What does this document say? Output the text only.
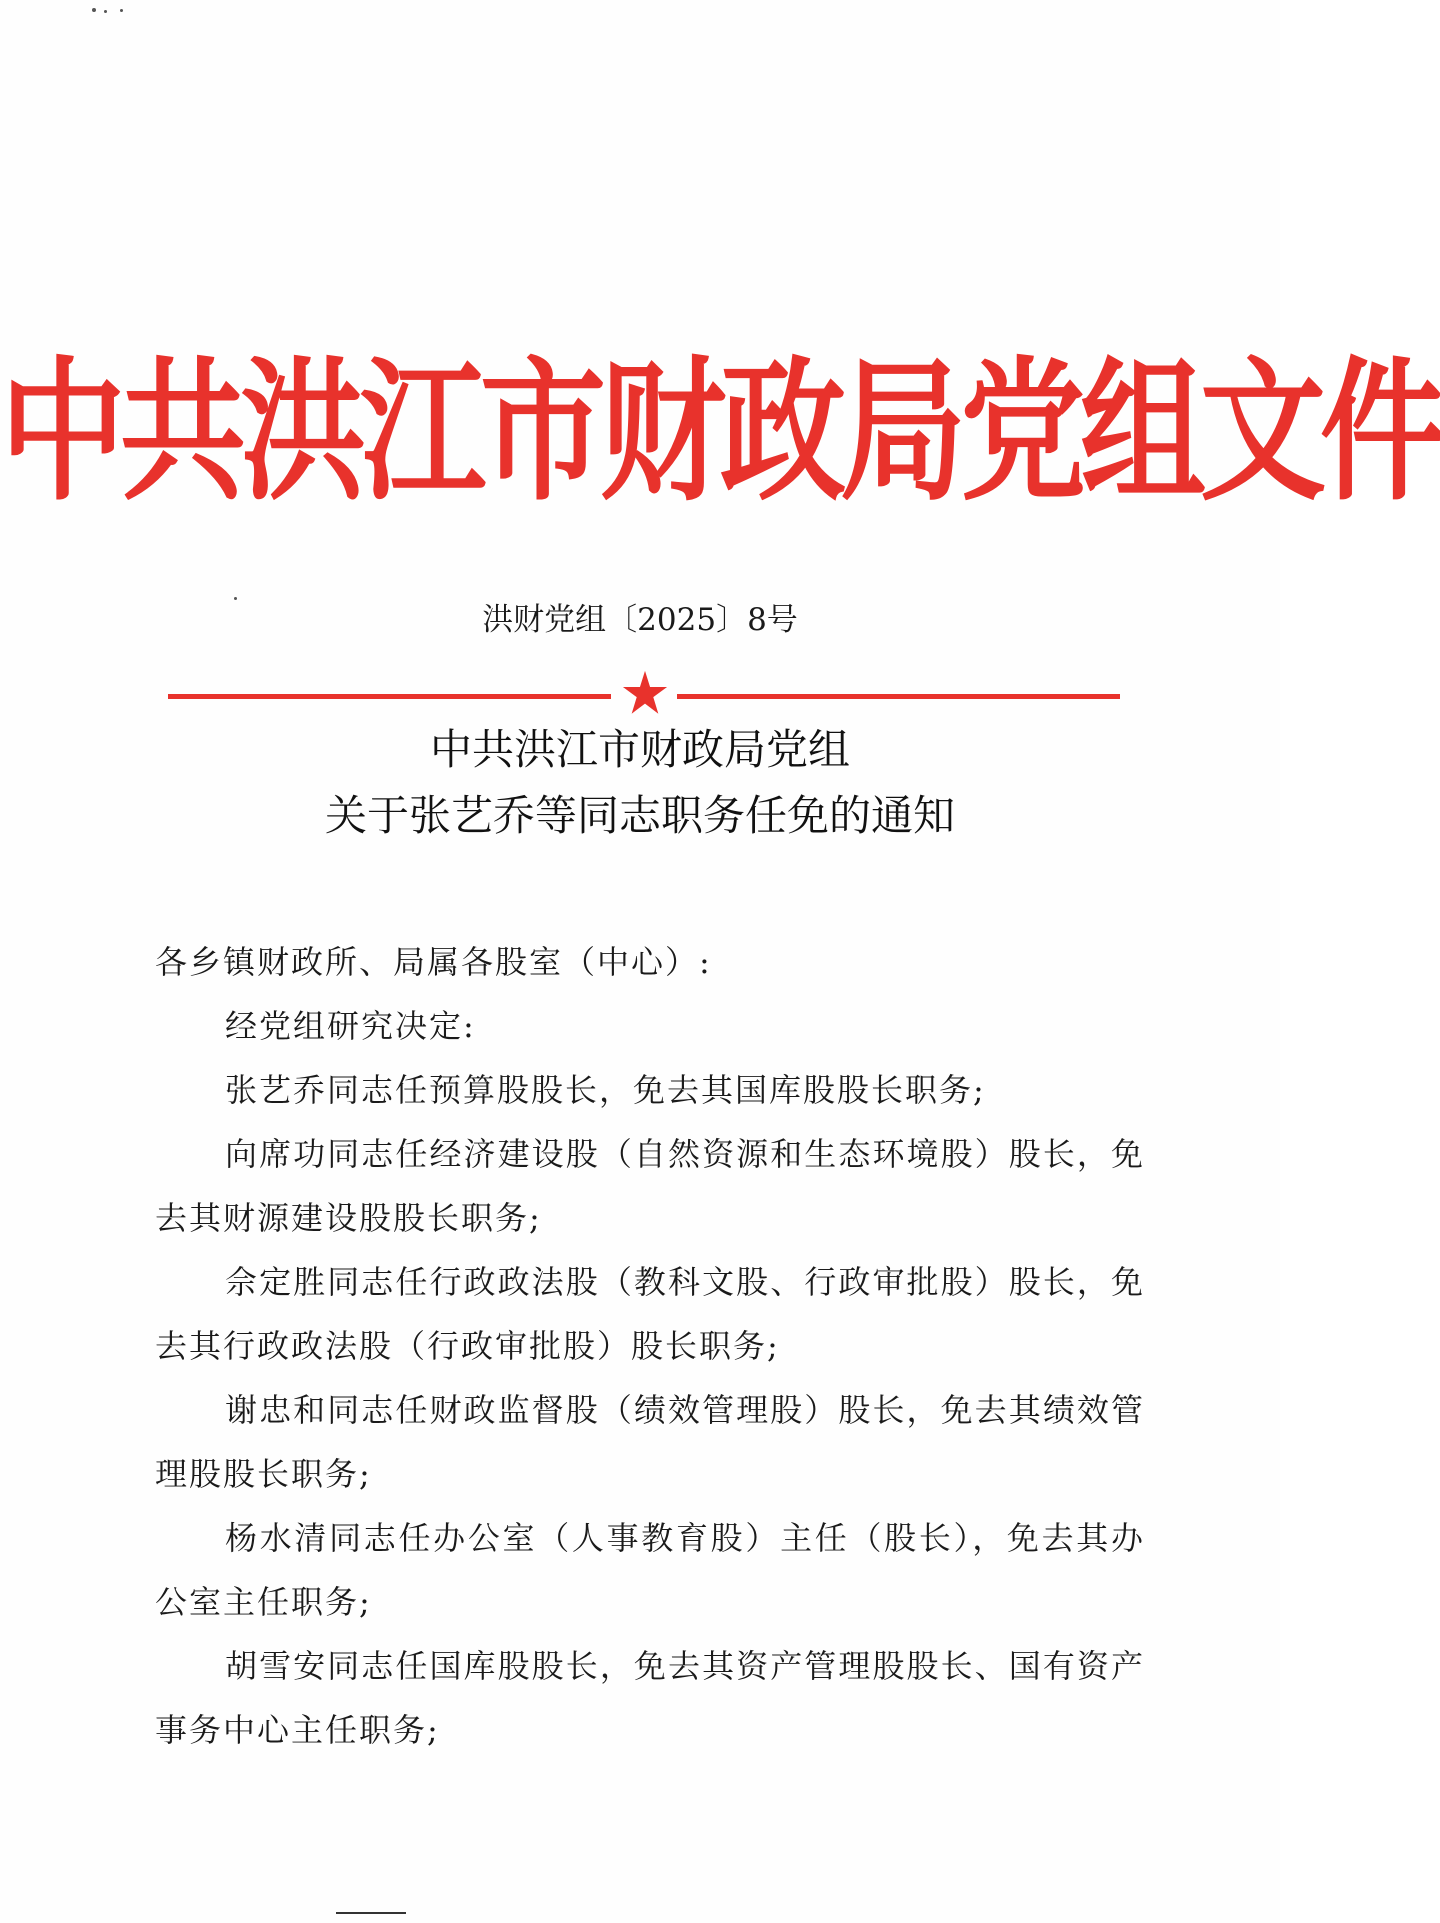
中共洪江市财政局党组文件
洪财党组〔2025〕8号
中共洪江市财政局党组
关于张艺乔等同志职务任免的通知

各乡镇财政所、局属各股室（中心）:

经党组研究决定:

张艺乔同志任预算股股长，免去其国库股股长职务;

向席功同志任经济建设股（自然资源和生态环境股）股长，免去其财源建设股股长职务;

佘定胜同志任行政政法股（教科文股、行政审批股）股长，免去其行政政法股（行政审批股）股长职务;

谢忠和同志任财政监督股（绩效管理股）股长，免去其绩效管理股股长职务;

杨水清同志任办公室（人事教育股）主任（股长），免去其办公室主任职务;

胡雪安同志任国库股股长，免去其资产管理股股长、国有资产事务中心主任职务;
